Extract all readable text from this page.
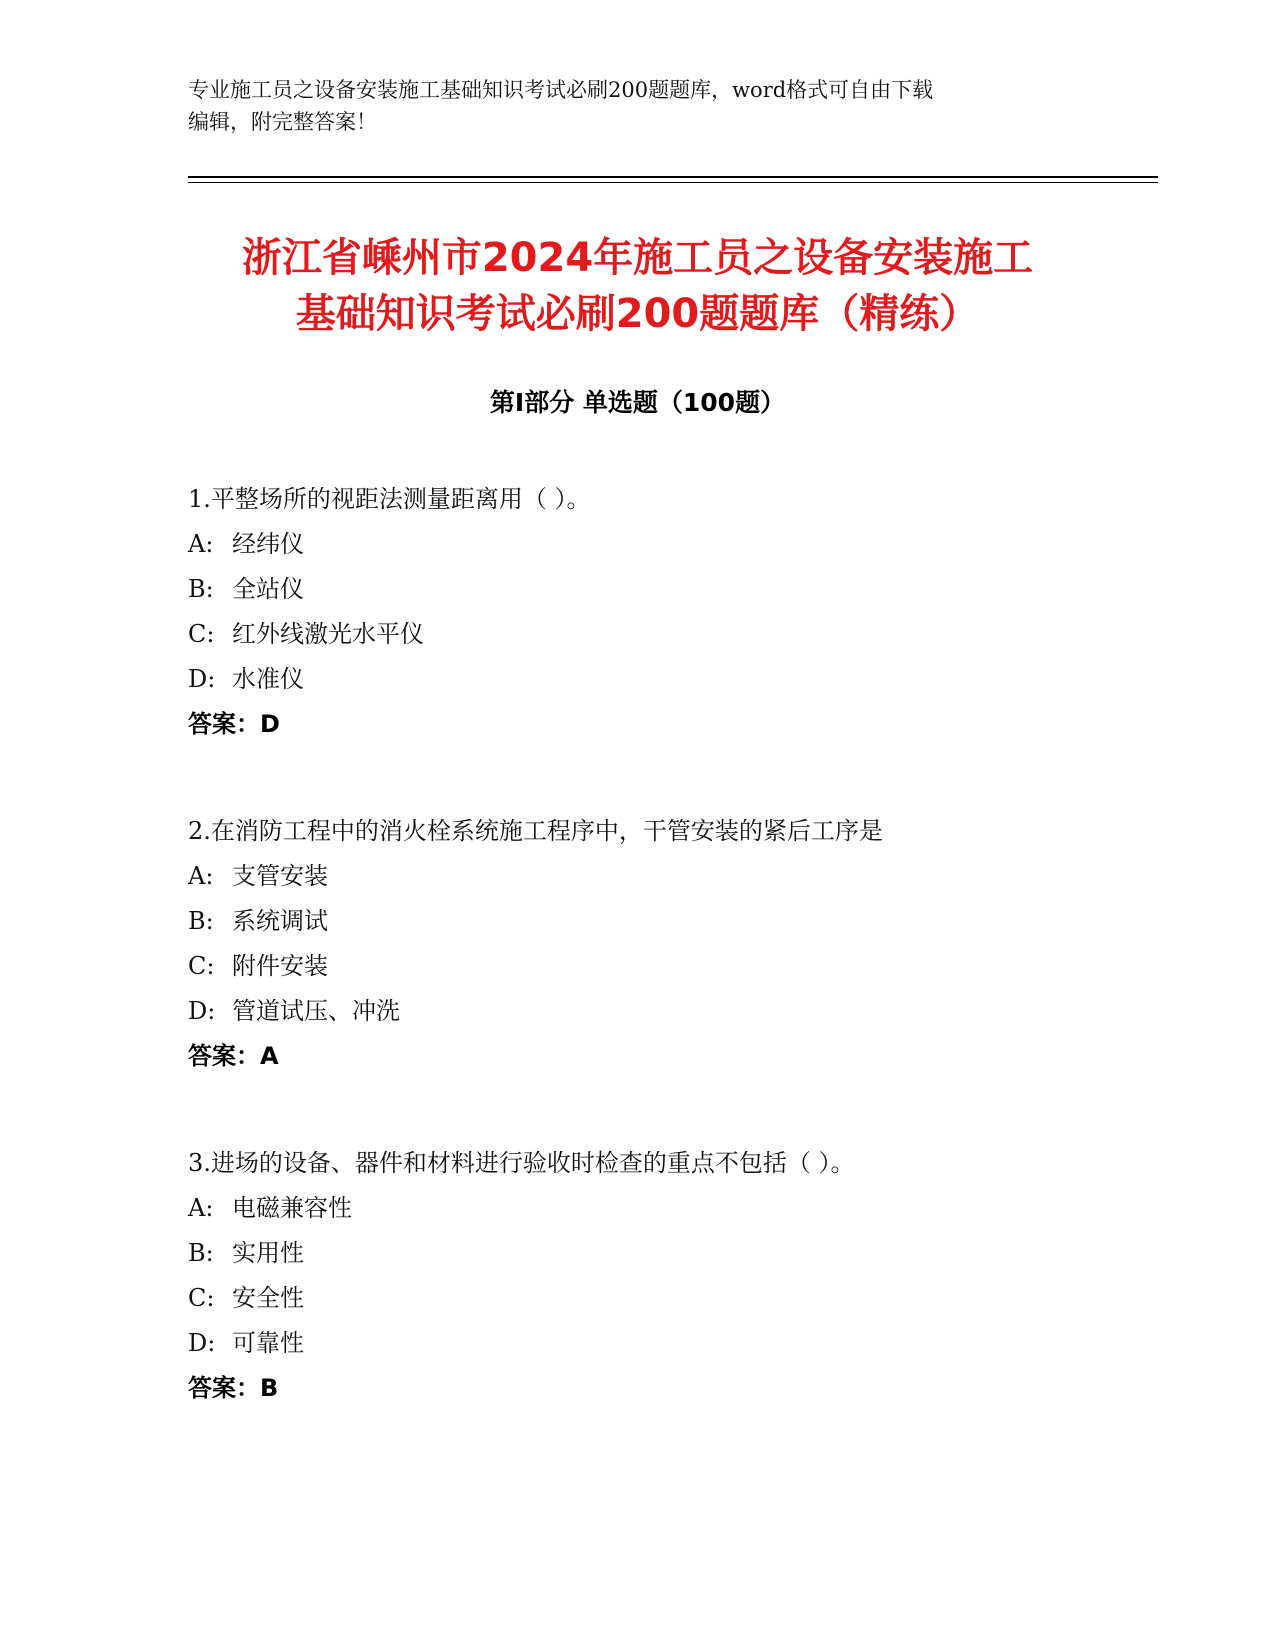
专业施工员之设备安装施工基础知识考试必刷200题题库，word格式可自由下载
编辑，附完整答案！
浙江省嵊州市2024年施工员之设备安装施工
基础知识考试必刷200题题库（精练）
第Ⅰ部分 单选题（100题）
1.平整场所的视距法测量距离用（ ）。
A: 经纬仪
B: 全站仪
C: 红外线激光水平仪
D: 水准仪
答案：D
2.在消防工程中的消火栓系统施工程序中，干管安装的紧后工序是
A: 支管安装
B: 系统调试
C: 附件安装
D: 管道试压、冲洗
答案：A
3.进场的设备、器件和材料进行验收时检查的重点不包括（ ）。
A: 电磁兼容性
B: 实用性
C: 安全性
D: 可靠性
答案：B
